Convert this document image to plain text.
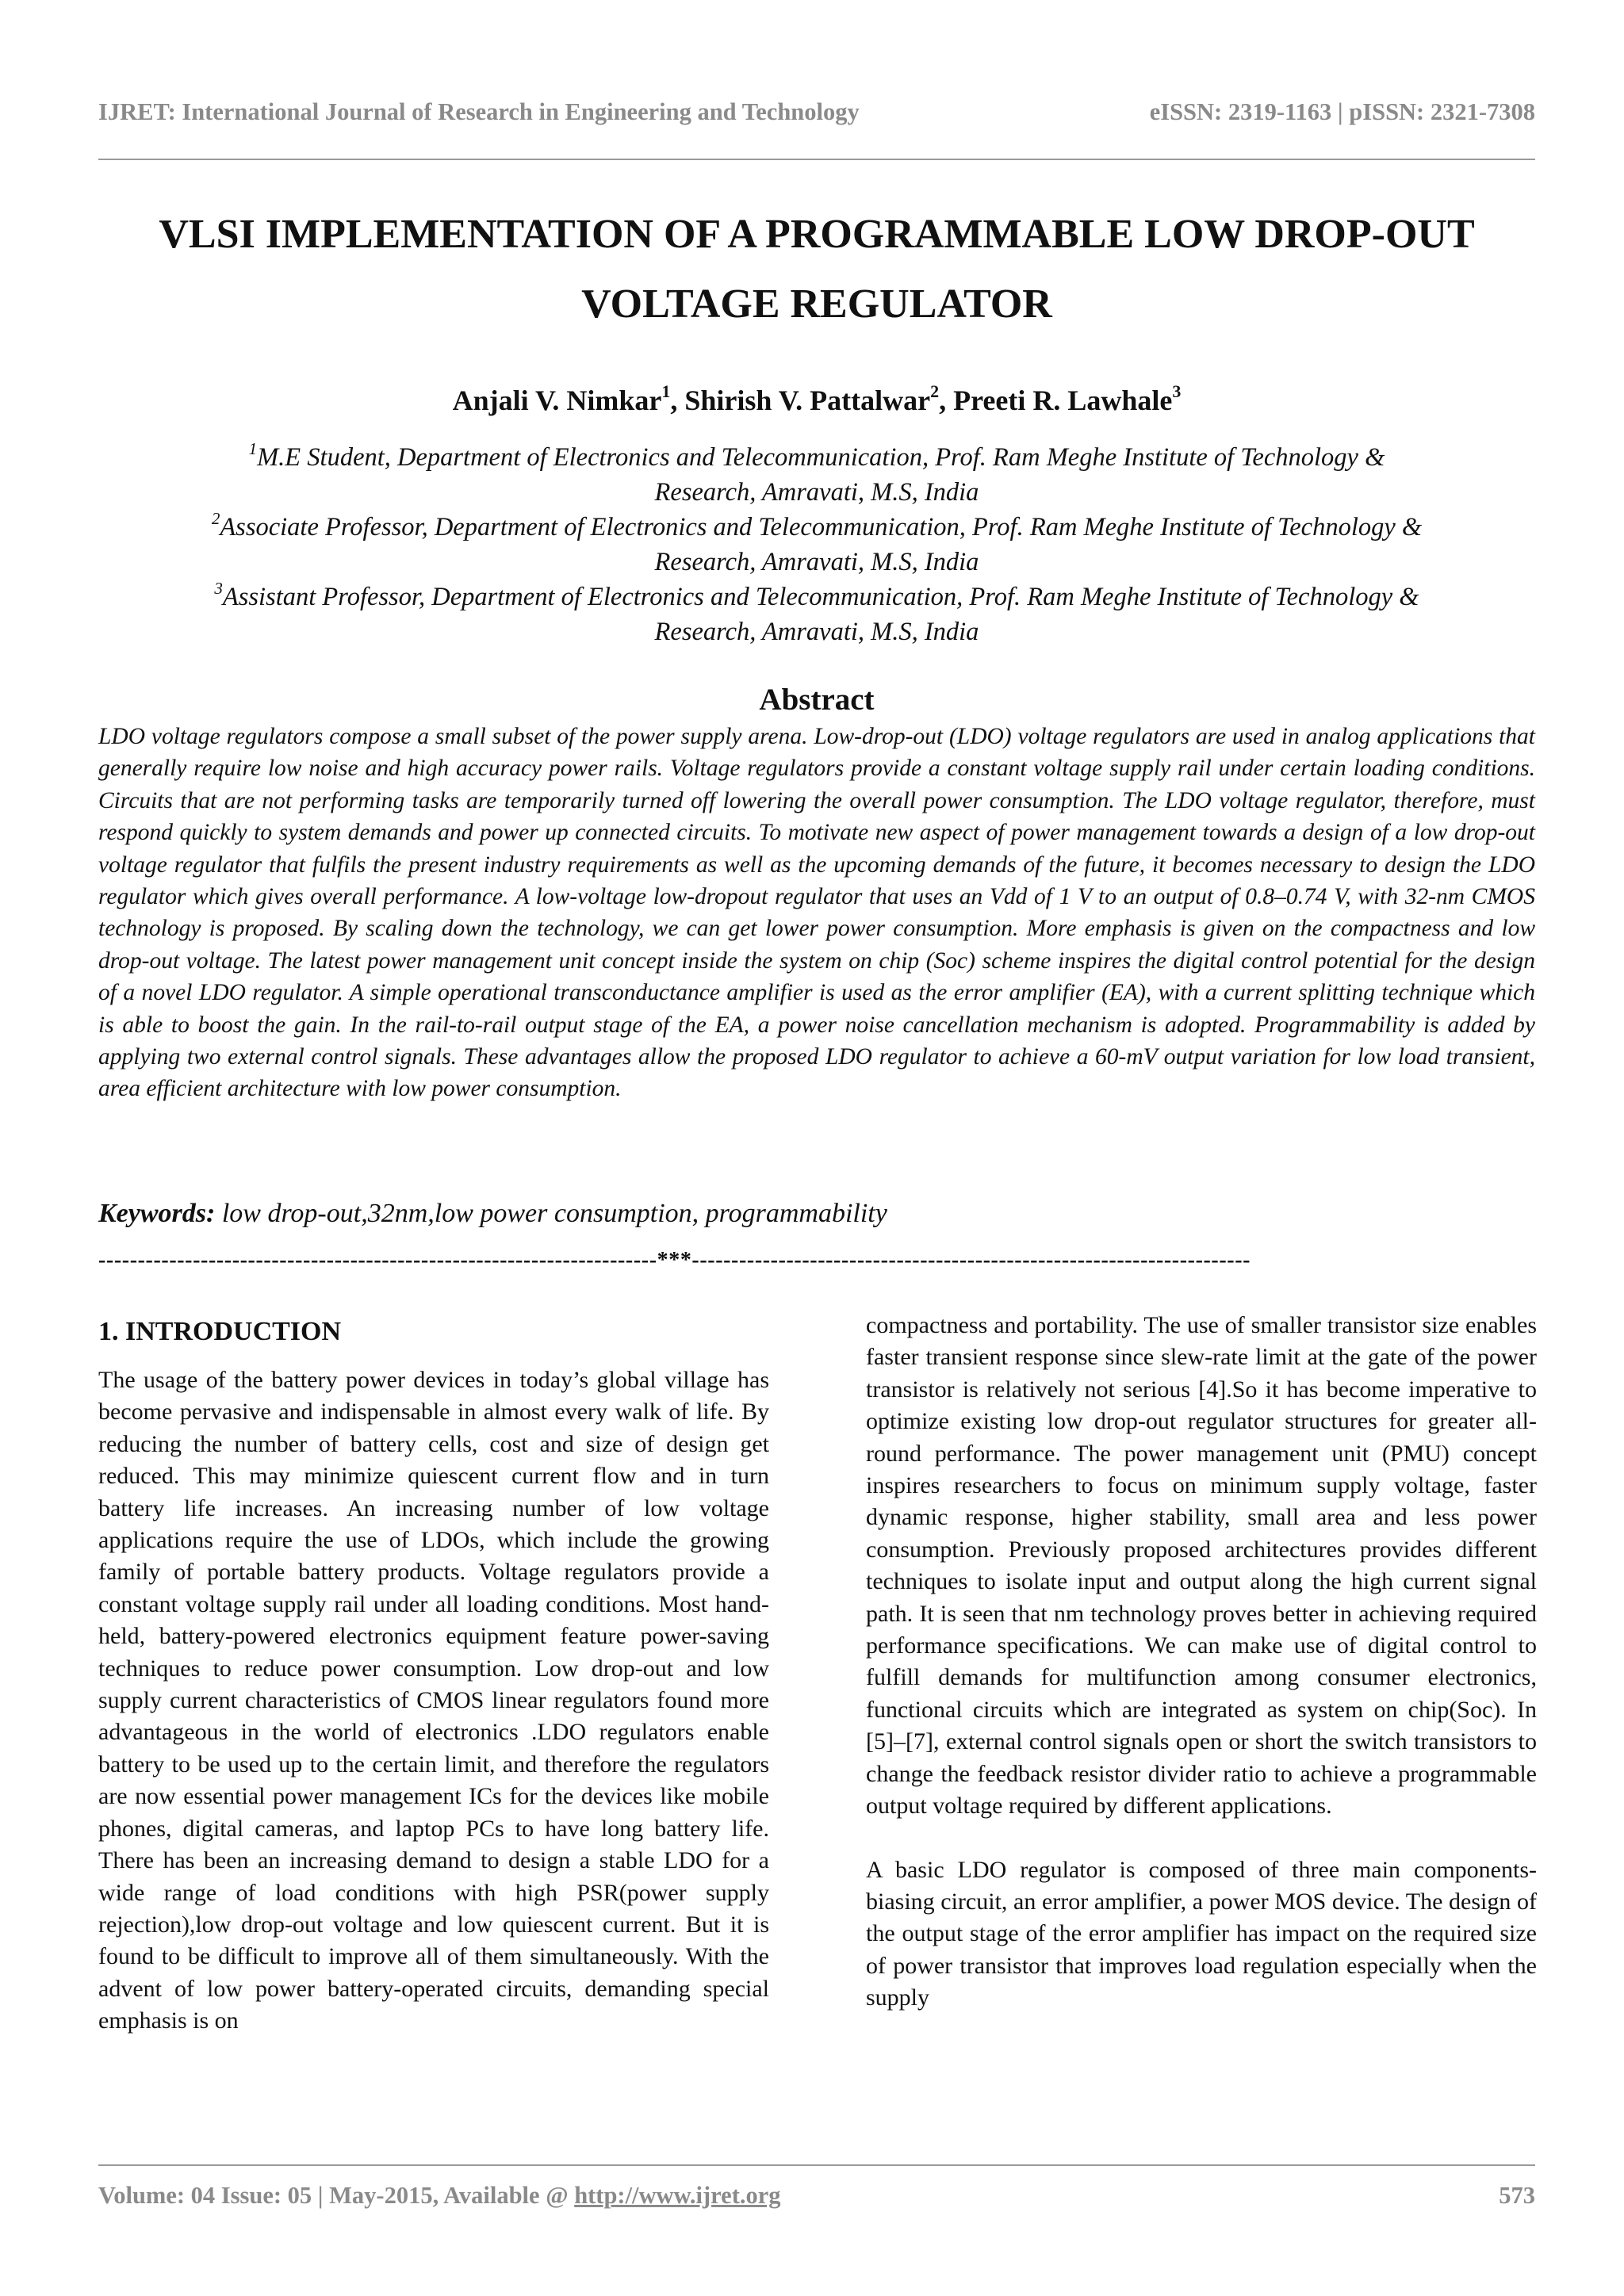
IJRET: International Journal of Research in Engineering and Technology	eISSN: 2319-1163 | pISSN: 2321-7308
VLSI IMPLEMENTATION OF A PROGRAMMABLE LOW DROP-OUT
VOLTAGE REGULATOR
Anjali V. Nimkar$^1$, Shirish V. Pattalwar$^2$, Preeti R. Lawhale$^3$
$^1$M.E Student, Department of Electronics and Telecommunication, Prof. Ram Meghe Institute of Technology &
Research, Amravati, M.S, India
$^2$Associate Professor, Department of Electronics and Telecommunication, Prof. Ram Meghe Institute of Technology &
Research, Amravati, M.S, India
$^3$Assistant Professor, Department of Electronics and Telecommunication, Prof. Ram Meghe Institute of Technology &
Research, Amravati, M.S, India
Abstract
LDO voltage regulators compose a small subset of the power supply arena. Low-drop-out (LDO) voltage regulators are used in analog applications that generally require low noise and high accuracy power rails. Voltage regulators provide a constant voltage supply rail under certain loading conditions. Circuits that are not performing tasks are temporarily turned off lowering the overall power consumption. The LDO voltage regulator, therefore, must respond quickly to system demands and power up connected circuits. To motivate new aspect of power management towards a design of a low drop-out voltage regulator that fulfils the present industry requirements as well as the upcoming demands of the future, it becomes necessary to design the LDO regulator which gives overall performance. A low-voltage low-dropout regulator that uses an Vdd of 1 V to an output of 0.8–0.74 V, with 32-nm CMOS technology is proposed. By scaling down the technology, we can get lower power consumption. More emphasis is given on the compactness and low drop-out voltage. The latest power management unit concept inside the system on chip (Soc) scheme inspires the digital control potential for the design of a novel LDO regulator. A simple operational transconductance amplifier is used as the error amplifier (EA), with a current splitting technique which is able to boost the gain. In the rail-to-rail output stage of the EA, a power noise cancellation mechanism is adopted. Programmability is added by applying two external control signals. These advantages allow the proposed LDO regulator to achieve a 60-mV output variation for low load transient, area efficient architecture with low power consumption.
Keywords: low drop-out,32nm,low power consumption, programmability
-----------------------------------------------------------------------***-----------------------------------------------------------------------
1. INTRODUCTION
The usage of the battery power devices in today’s global village has become pervasive and indispensable in almost every walk of life. By reducing the number of battery cells, cost and size of design get reduced. This may minimize quiescent current flow and in turn battery life increases. An increasing number of low voltage applications require the use of LDOs, which include the growing family of portable battery products. Voltage regulators provide a constant voltage supply rail under all loading conditions. Most hand-held, battery-powered electronics equipment feature power-saving techniques to reduce power consumption. Low drop-out and low supply current characteristics of CMOS linear regulators found more advantageous in the world of electronics .LDO regulators enable battery to be used up to the certain limit, and therefore the regulators are now essential power management ICs for the devices like mobile phones, digital cameras, and laptop PCs to have long battery life. There has been an increasing demand to design a stable LDO for a wide range of load conditions with high PSR(power supply rejection),low drop-out voltage and low quiescent current. But it is found to be difficult to improve all of them simultaneously. With the advent of low power battery-operated circuits, demanding special emphasis is on
compactness and portability. The use of smaller transistor size enables faster transient response since slew-rate limit at the gate of the power transistor is relatively not serious [4].So it has become imperative to optimize existing low drop-out regulator structures for greater all-round performance. The power management unit (PMU) concept inspires researchers to focus on minimum supply voltage, faster dynamic response, higher stability, small area and less power consumption. Previously proposed architectures provides different techniques to isolate input and output along the high current signal path. It is seen that nm technology proves better in achieving required performance specifications. We can make use of digital control to fulfill demands for multifunction among consumer electronics, functional circuits which are integrated as system on chip(Soc). In [5]–[7], external control signals open or short the switch transistors to change the feedback resistor divider ratio to achieve a programmable output voltage required by different applications.
A basic LDO regulator is composed of three main components-biasing circuit, an error amplifier, a power MOS device. The design of the output stage of the error amplifier has impact on the required size of power transistor that improves load regulation especially when the supply
Volume: 04 Issue: 05 | May-2015, Available @ http://www.ijret.org	573
